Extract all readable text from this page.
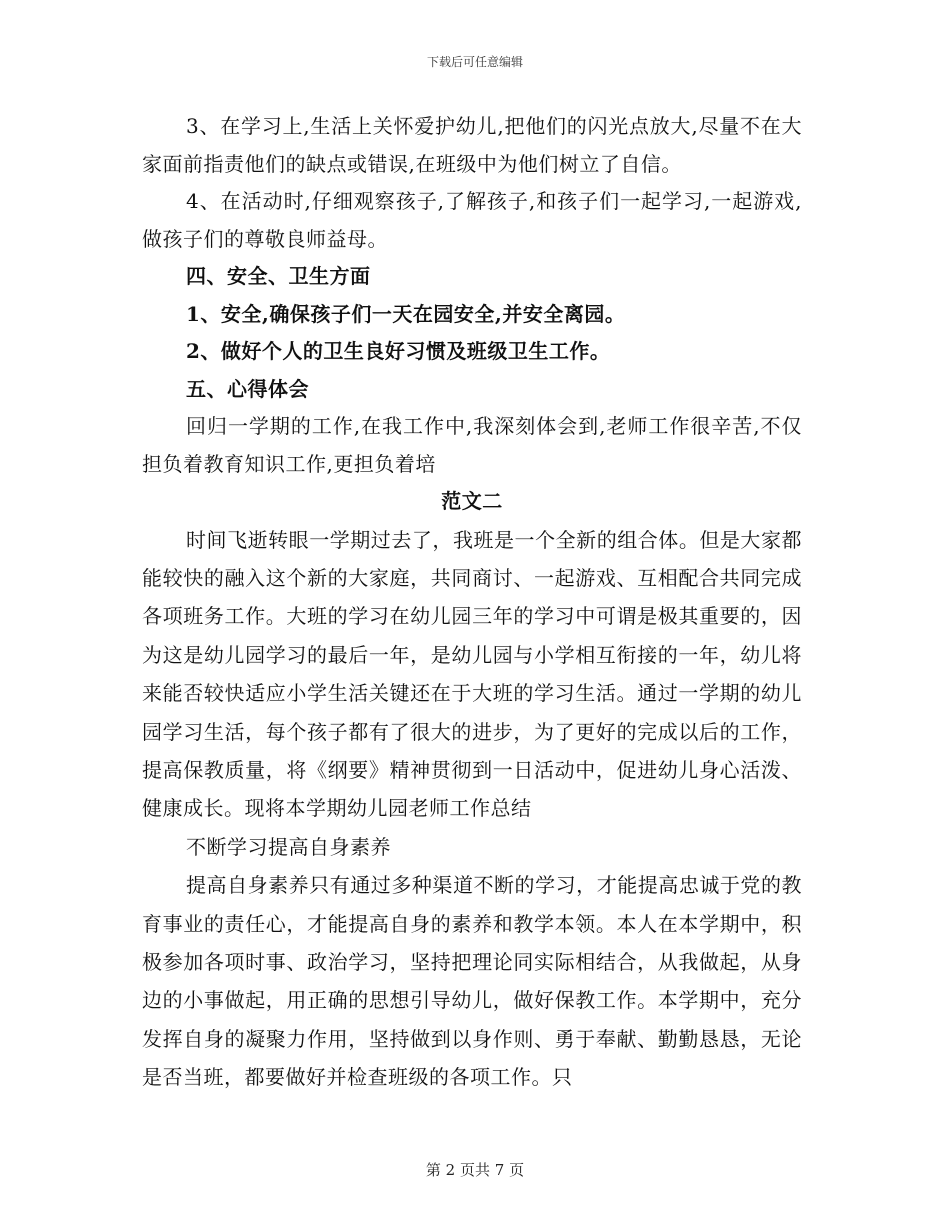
下载后可任意编辑

3、在学习上,生活上关怀爱护幼儿,把他们的闪光点放大,尽量不在大家面前指责他们的缺点或错误,在班级中为他们树立了自信。

4、在活动时,仔细观察孩子,了解孩子,和孩子们一起学习,一起游戏,做孩子们的尊敬良师益母。

四、安全、卫生方面

1、安全,确保孩子们一天在园安全,并安全离园。

2、做好个人的卫生良好习惯及班级卫生工作。

五、心得体会

回归一学期的工作,在我工作中,我深刻体会到,老师工作很辛苦,不仅担负着教育知识工作,更担负着培

范文二

时间飞逝转眼一学期过去了，我班是一个全新的组合体。但是大家都能较快的融入这个新的大家庭，共同商讨、一起游戏、互相配合共同完成各项班务工作。大班的学习在幼儿园三年的学习中可谓是极其重要的，因为这是幼儿园学习的最后一年，是幼儿园与小学相互衔接的一年，幼儿将来能否较快适应小学生活关键还在于大班的学习生活。通过一学期的幼儿园学习生活，每个孩子都有了很大的进步，为了更好的完成以后的工作，提高保教质量，将《纲要》精神贯彻到一日活动中，促进幼儿身心活泼、健康成长。现将本学期幼儿园老师工作总结

不断学习提高自身素养

提高自身素养只有通过多种渠道不断的学习，才能提高忠诚于党的教育事业的责任心，才能提高自身的素养和教学本领。本人在本学期中，积极参加各项时事、政治学习，坚持把理论同实际相结合，从我做起，从身边的小事做起，用正确的思想引导幼儿，做好保教工作。本学期中，充分发挥自身的凝聚力作用，坚持做到以身作则、勇于奉献、勤勤恳恳，无论是否当班，都要做好并检查班级的各项工作。只

第 2 页共 7 页
